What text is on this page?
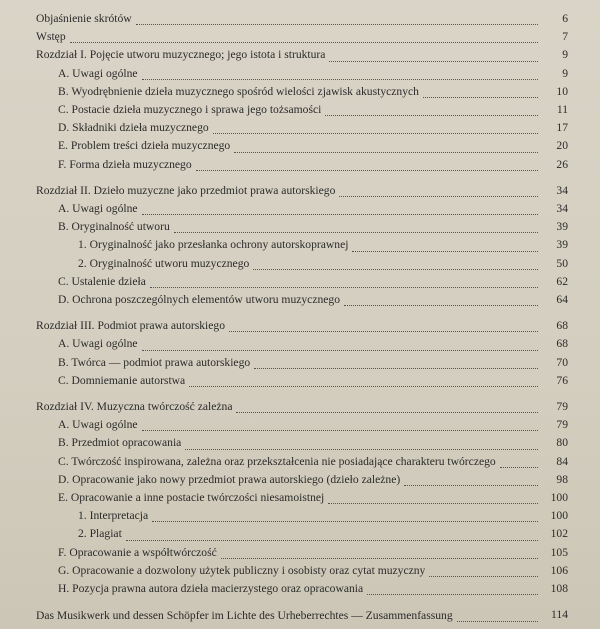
Objaśnienie skrótów	6
Wstęp	7
Rozdział I. Pojęcie utworu muzycznego; jego istota i struktura	9
A. Uwagi ogólne	9
B. Wyodrębnienie dzieła muzycznego spośród wielości zjawisk akustycznych	10
C. Postacie dzieła muzycznego i sprawa jego tożsamości	11
D. Składniki dzieła muzycznego	17
E. Problem treści dzieła muzycznego	20
F. Forma dzieła muzycznego	26
Rozdział II. Dzieło muzyczne jako przedmiot prawa autorskiego	34
A. Uwagi ogólne	34
B. Oryginalność utworu	39
1. Oryginalność jako przesłanka ochrony autorskoprawnej	39
2. Oryginalność utworu muzycznego	50
C. Ustalenie dzieła	62
D. Ochrona poszczególnych elementów utworu muzycznego	64
Rozdział III. Podmiot prawa autorskiego	68
A. Uwagi ogólne	68
B. Twórca — podmiot prawa autorskiego	70
C. Domniemanie autorstwa	76
Rozdział IV. Muzyczna twórczość zależna	79
A. Uwagi ogólne	79
B. Przedmiot opracowania	80
C. Twórczość inspirowana, zależna oraz przekształcenia nie posiadające charakteru twórczego	84
D. Opracowanie jako nowy przedmiot prawa autorskiego (dzieło zależne)	98
E. Opracowanie a inne postacie twórczości niesamoistnej	100
1. Interpretacja	100
2. Plagiat	102
F. Opracowanie a współtwórczość	105
G. Opracowanie a dozwolony użytek publiczny i osobisty oraz cytat muzyczny	106
H. Pozycja prawna autora dzieła macierzystego oraz opracowania	108
Das Musikwerk und dessen Schöpfer im Lichte des Urheberrechtes — Zusammenfassung	114
